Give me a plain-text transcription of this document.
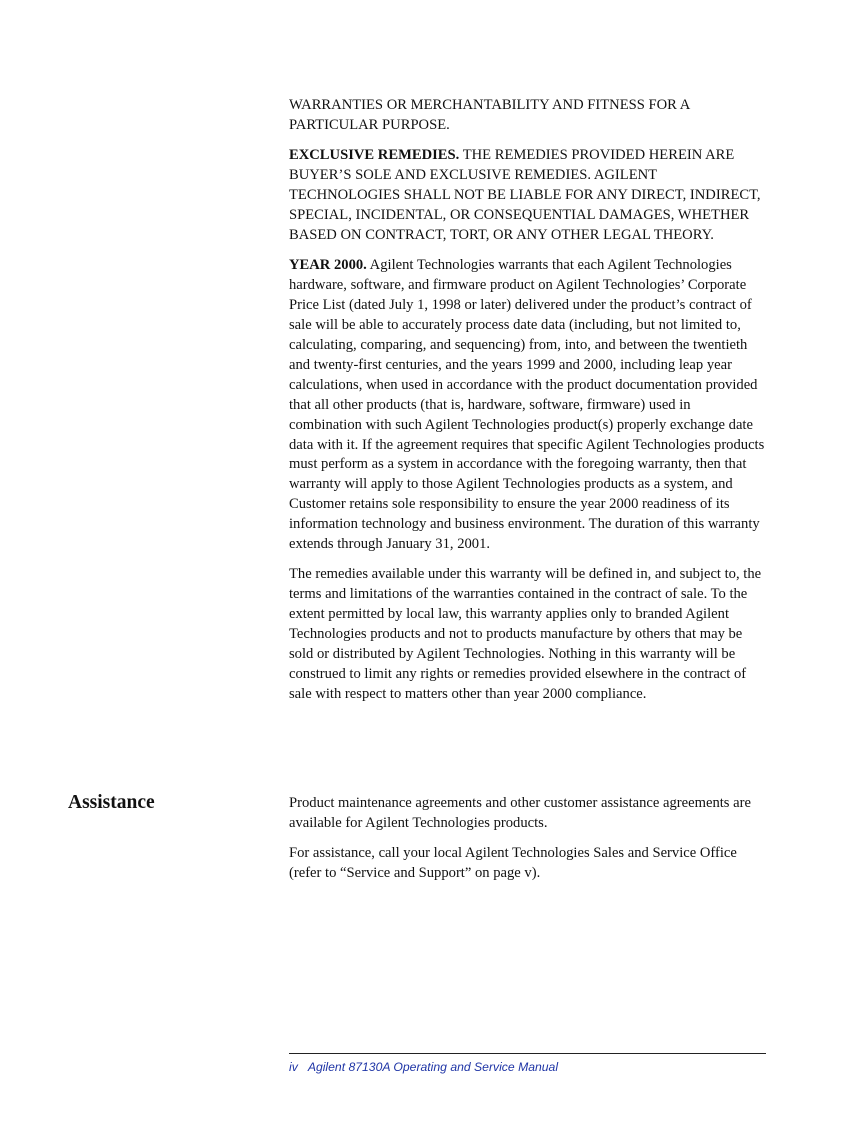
WARRANTIES OR MERCHANTABILITY AND FITNESS FOR A PARTICULAR PURPOSE.

EXCLUSIVE REMEDIES. THE REMEDIES PROVIDED HEREIN ARE BUYER’S SOLE AND EXCLUSIVE REMEDIES. AGILENT TECHNOLOGIES SHALL NOT BE LIABLE FOR ANY DIRECT, INDIRECT, SPECIAL, INCIDENTAL, OR CONSEQUENTIAL DAMAGES, WHETHER BASED ON CONTRACT, TORT, OR ANY OTHER LEGAL THEORY.

YEAR 2000. Agilent Technologies warrants that each Agilent Technologies hardware, software, and firmware product on Agilent Technologies’ Corporate Price List (dated July 1, 1998 or later) delivered under the product’s contract of sale will be able to accurately process date data (including, but not limited to, calculating, comparing, and sequencing) from, into, and between the twentieth and twenty-first centuries, and the years 1999 and 2000, including leap year calculations, when used in accordance with the product documentation provided that all other products (that is, hardware, software, firmware) used in combination with such Agilent Technologies product(s) properly exchange date data with it. If the agreement requires that specific Agilent Technologies products must perform as a system in accordance with the foregoing warranty, then that warranty will apply to those Agilent Technologies products as a system, and Customer retains sole responsibility to ensure the year 2000 readiness of its information technology and business environment. The duration of this warranty extends through January 31, 2001.

The remedies available under this warranty will be defined in, and subject to, the terms and limitations of the warranties contained in the contract of sale. To the extent permitted by local law, this warranty applies only to branded Agilent Technologies products and not to products manufacture by others that may be sold or distributed by Agilent Technologies. Nothing in this warranty will be construed to limit any rights or remedies provided elsewhere in the contract of sale with respect to matters other than year 2000 compliance.

Assistance	Product maintenance agreements and other customer assistance agreements are available for Agilent Technologies products.

For assistance, call your local Agilent Technologies Sales and Service Office (refer to “Service and Support” on page v).

iv Agilent 87130A Operating and Service Manual
